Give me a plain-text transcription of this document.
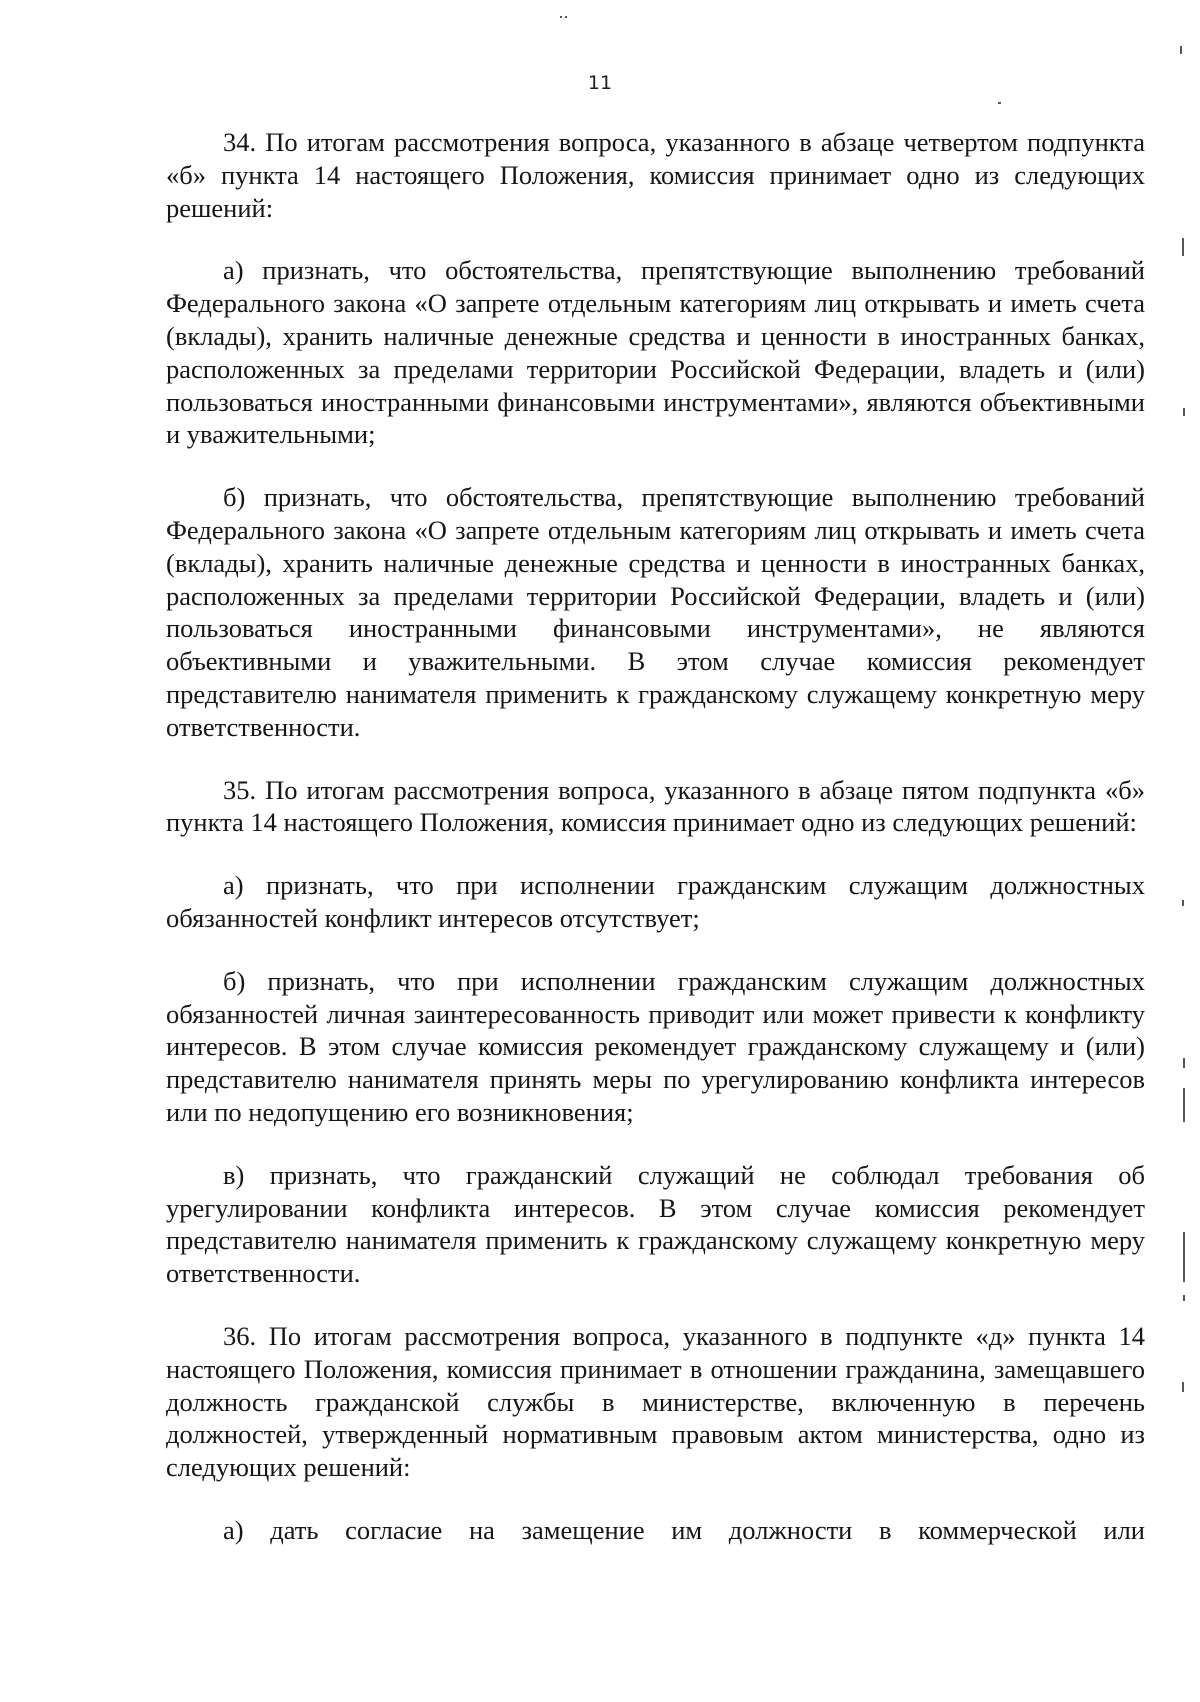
11

34. По итогам рассмотрения вопроса, указанного в абзаце четвертом подпункта «б» пункта 14 настоящего Положения, комиссия принимает одно из следующих решений:

а) признать, что обстоятельства, препятствующие выполнению требований Федерального закона «О запрете отдельным категориям лиц открывать и иметь счета (вклады), хранить наличные денежные средства и ценности в иностранных банках, расположенных за пределами территории Российской Федерации, владеть и (или) пользоваться иностранными финансовыми инструментами», являются объективными и уважительными;

б) признать, что обстоятельства, препятствующие выполнению требований Федерального закона «О запрете отдельным категориям лиц открывать и иметь счета (вклады), хранить наличные денежные средства и ценности в иностранных банках, расположенных за пределами территории Российской Федерации, владеть и (или) пользоваться иностранными финансовыми инструментами», не являются объективными и уважительными. В этом случае комиссия рекомендует представителю нанимателя применить к гражданскому служащему конкретную меру ответственности.

35. По итогам рассмотрения вопроса, указанного в абзаце пятом подпункта «б» пункта 14 настоящего Положения, комиссия принимает одно из следующих решений:

а) признать, что при исполнении гражданским служащим должностных обязанностей конфликт интересов отсутствует;

б) признать, что при исполнении гражданским служащим должностных обязанностей личная заинтересованность приводит или может привести к конфликту интересов. В этом случае комиссия рекомендует гражданскому служащему и (или) представителю нанимателя принять меры по урегулированию конфликта интересов или по недопущению его возникновения;

в) признать, что гражданский служащий не соблюдал требования об урегулировании конфликта интересов. В этом случае комиссия рекомендует представителю нанимателя применить к гражданскому служащему конкретную меру ответственности.

36. По итогам рассмотрения вопроса, указанного в подпункте «д» пункта 14 настоящего Положения, комиссия принимает в отношении гражданина, замещавшего должность гражданской службы в министерстве, включенную в перечень должностей, утвержденный нормативным правовым актом министерства, одно из следующих решений:

а) дать согласие на замещение им должности в коммерческой или
